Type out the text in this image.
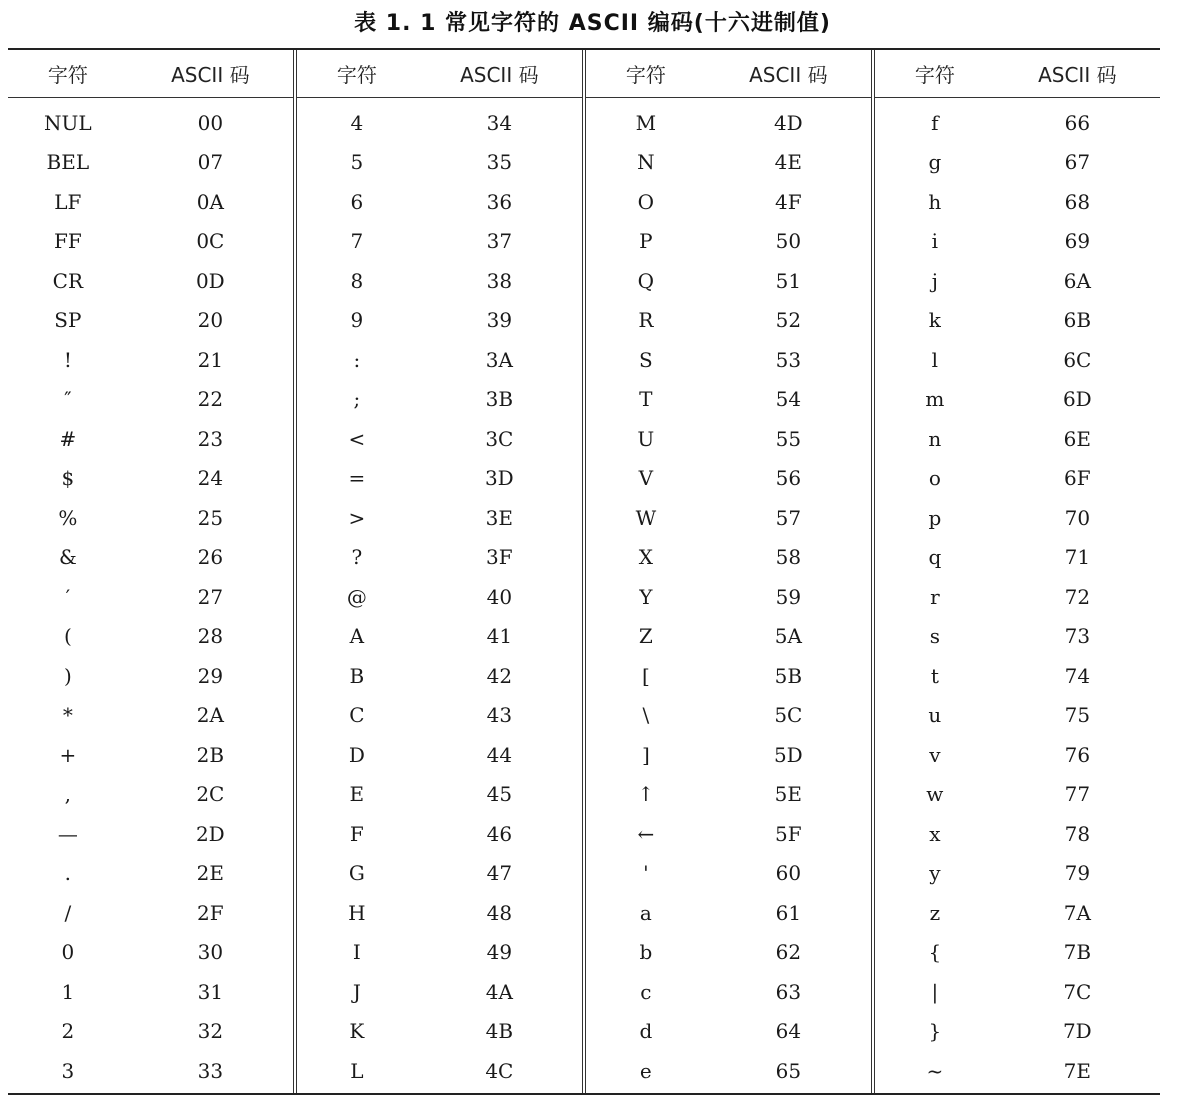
表 1. 1 常见字符的 ASCII 编码(十六进制值)
字符	ASCII 码
NUL	00
BEL	07
LF	0A
FF	0C
CR	0D
SP	20
!	21
″	22
#	23
$	24
%	25
&	26
′	27
(	28
)	29
*	2A
+	2B
,	2C
—	2D
.	2E
/	2F
0	30
1	31
2	32
3	33
字符	ASCII 码
4	34
5	35
6	36
7	37
8	38
9	39
:	3A
;	3B
<	3C
=	3D
>	3E
?	3F
@	40
A	41
B	42
C	43
D	44
E	45
F	46
G	47
H	48
I	49
J	4A
K	4B
L	4C
字符	ASCII 码
M	4D
N	4E
O	4F
P	50
Q	51
R	52
S	53
T	54
U	55
V	56
W	57
X	58
Y	59
Z	5A
[	5B
\	5C
]	5D
↑	5E
←	5F
'	60
a	61
b	62
c	63
d	64
e	65
字符	ASCII 码
f	66
g	67
h	68
i	69
j	6A
k	6B
l	6C
m	6D
n	6E
o	6F
p	70
q	71
r	72
s	73
t	74
u	75
v	76
w	77
x	78
y	79
z	7A
{	7B
|	7C
}	7D
~	7E
